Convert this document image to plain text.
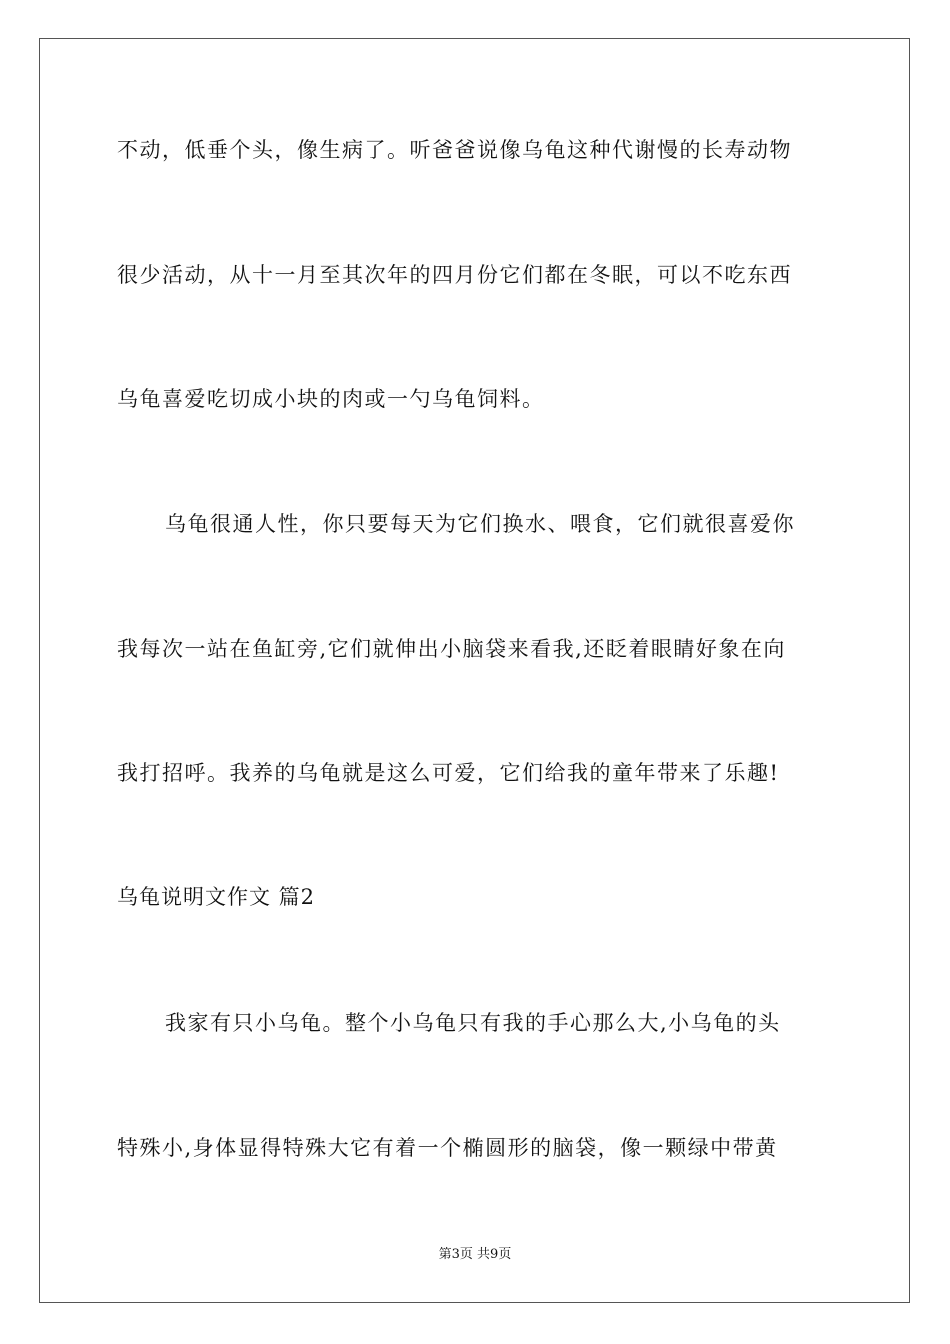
不动，低垂个头，像生病了。听爸爸说像乌龟这种代谢慢的长寿动物
很少活动，从十一月至其次年的四月份它们都在冬眠，可以不吃东西
乌龟喜爱吃切成小块的肉或一勺乌龟饲料。
乌龟很通人性，你只要每天为它们换水、喂食，它们就很喜爱你
我每次一站在鱼缸旁,它们就伸出小脑袋来看我,还眨着眼睛好象在向
我打招呼。我养的乌龟就是这么可爱，它们给我的童年带来了乐趣!
乌龟说明文作文 篇2
我家有只小乌龟。整个小乌龟只有我的手心那么大,小乌龟的头
特殊小,身体显得特殊大它有着一个椭圆形的脑袋，像一颗绿中带黄
第3页 共9页
